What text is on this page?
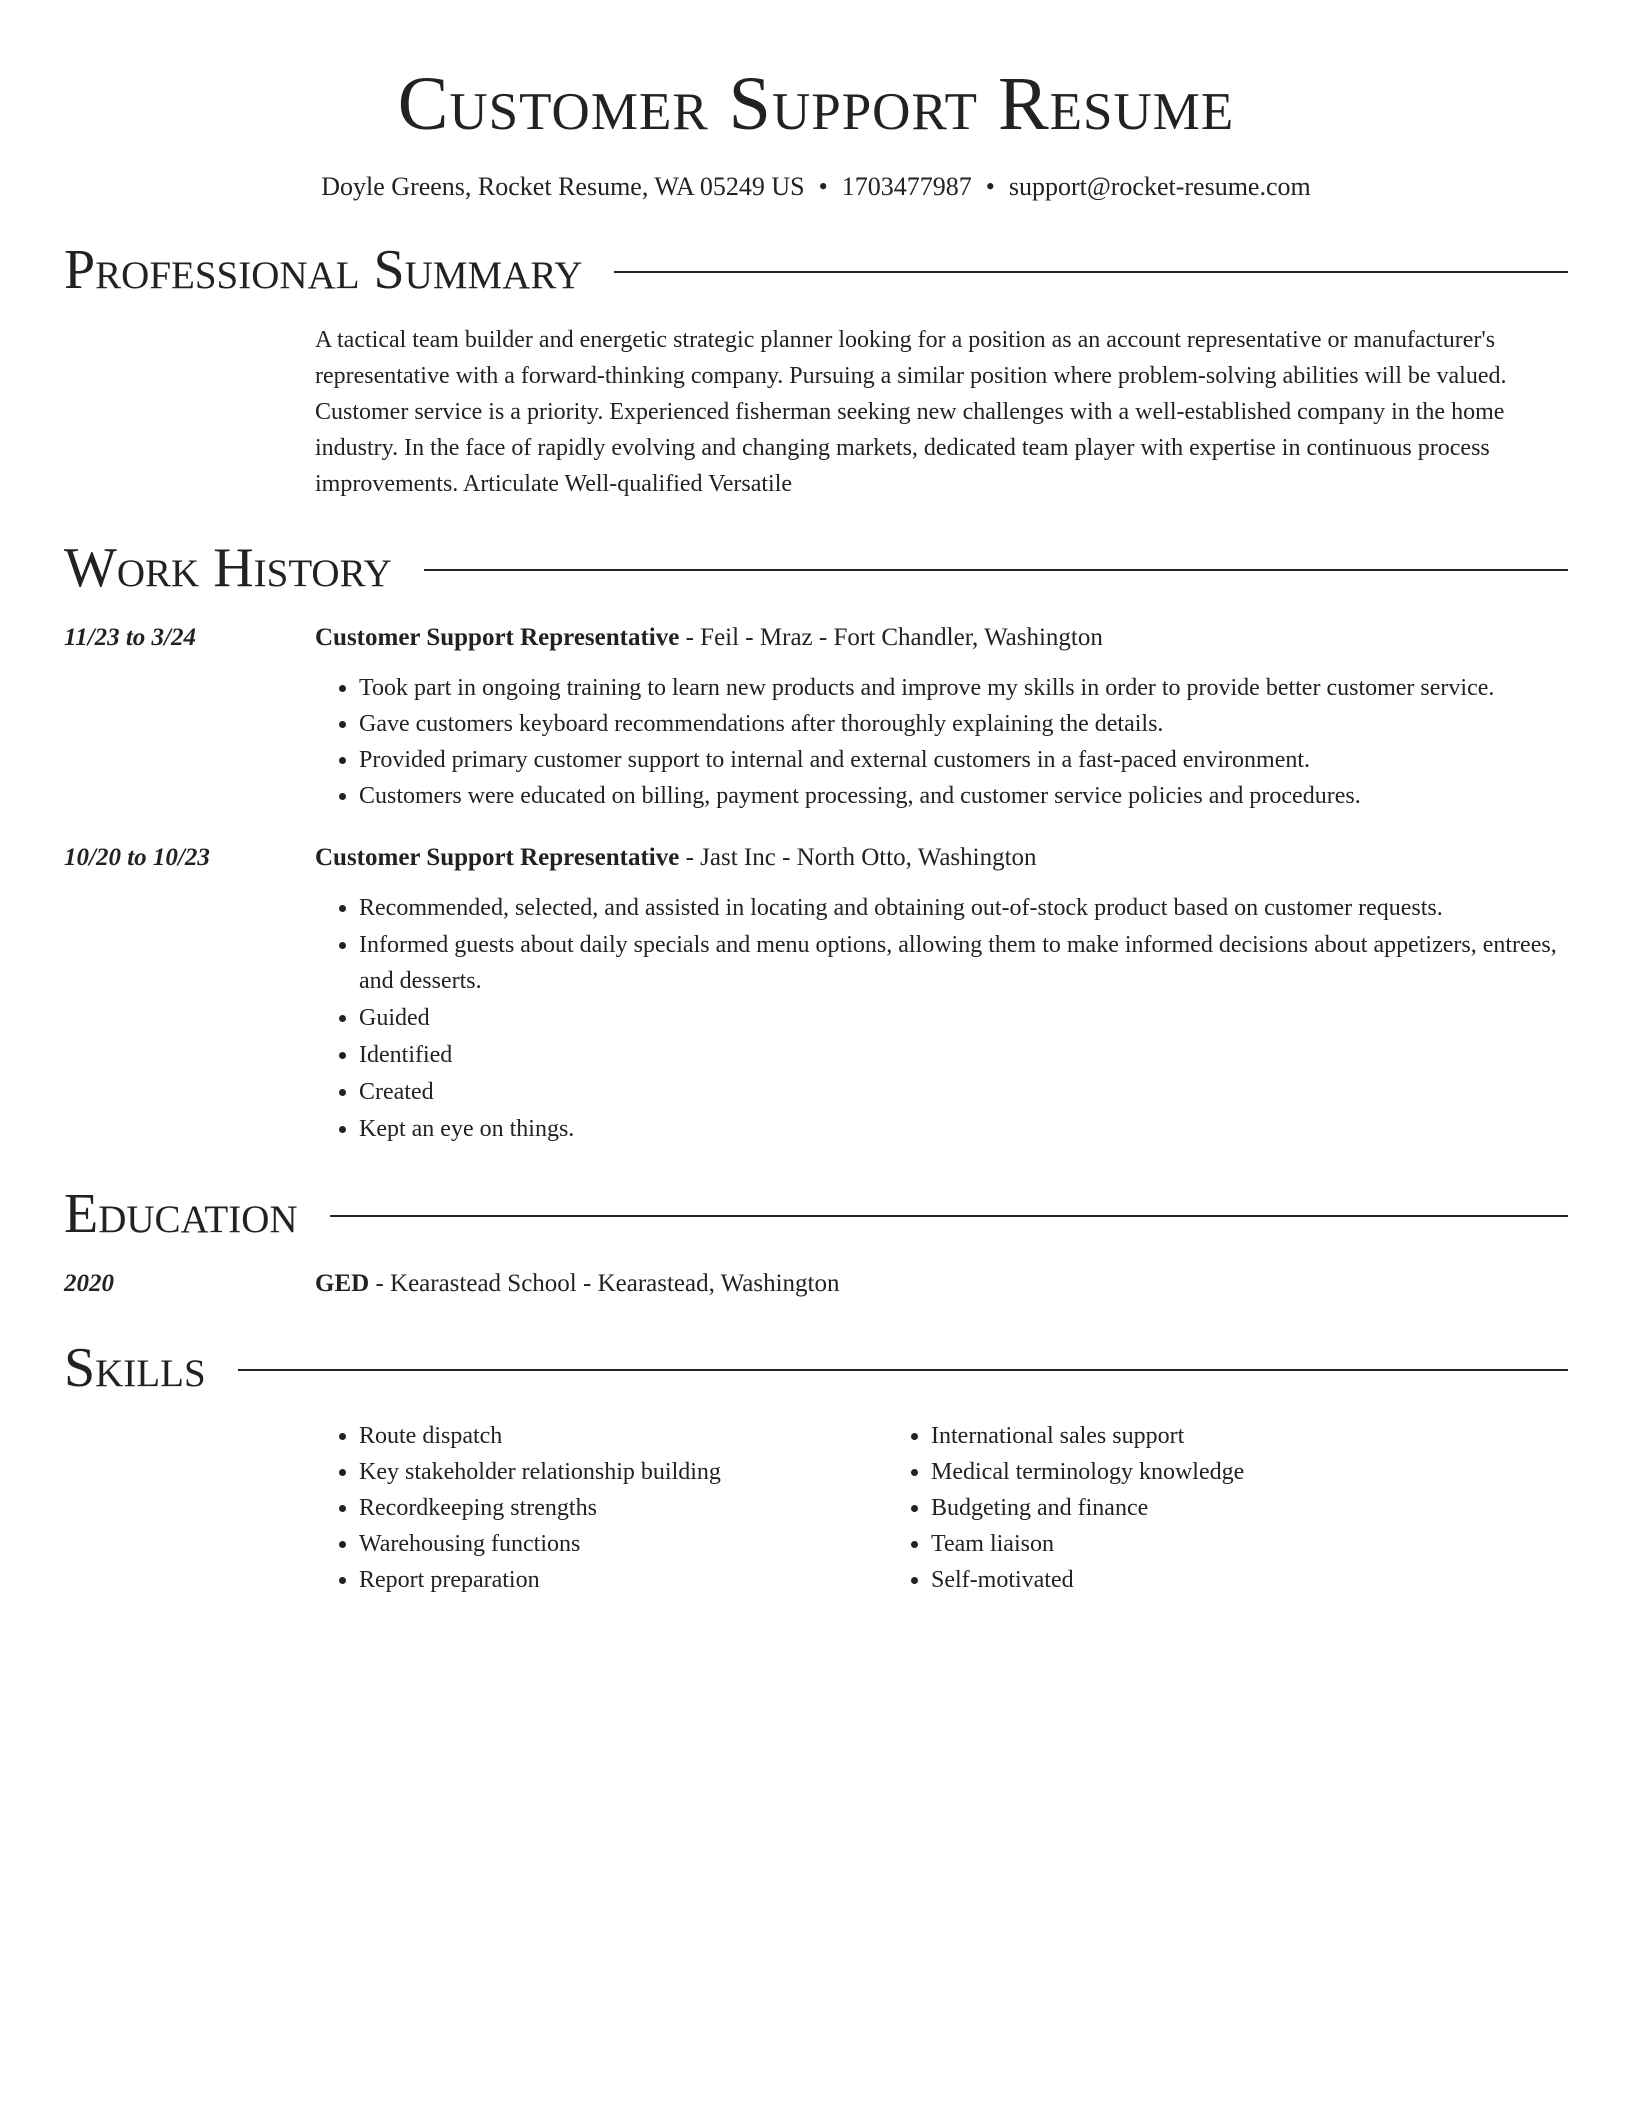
Customer Support Resume
Doyle Greens, Rocket Resume, WA 05249 US • 1703477987 • support@rocket-resume.com
Professional Summary
A tactical team builder and energetic strategic planner looking for a position as an account representative or manufacturer's representative with a forward-thinking company. Pursuing a similar position where problem-solving abilities will be valued. Customer service is a priority. Experienced fisherman seeking new challenges with a well-established company in the home industry. In the face of rapidly evolving and changing markets, dedicated team player with expertise in continuous process improvements. Articulate Well-qualified Versatile
Work History
11/23 to 3/24	Customer Support Representative - Feil - Mraz - Fort Chandler, Washington
• Took part in ongoing training to learn new products and improve my skills in order to provide better customer service.
• Gave customers keyboard recommendations after thoroughly explaining the details.
• Provided primary customer support to internal and external customers in a fast-paced environment.
• Customers were educated on billing, payment processing, and customer service policies and procedures.
10/20 to 10/23	Customer Support Representative - Jast Inc - North Otto, Washington
• Recommended, selected, and assisted in locating and obtaining out-of-stock product based on customer requests.
• Informed guests about daily specials and menu options, allowing them to make informed decisions about appetizers, entrees, and desserts.
• Guided
• Identified
• Created
• Kept an eye on things.
Education
2020	GED - Kearastead School - Kearastead, Washington
Skills
• Route dispatch
• Key stakeholder relationship building
• Recordkeeping strengths
• Warehousing functions
• Report preparation
• International sales support
• Medical terminology knowledge
• Budgeting and finance
• Team liaison
• Self-motivated
